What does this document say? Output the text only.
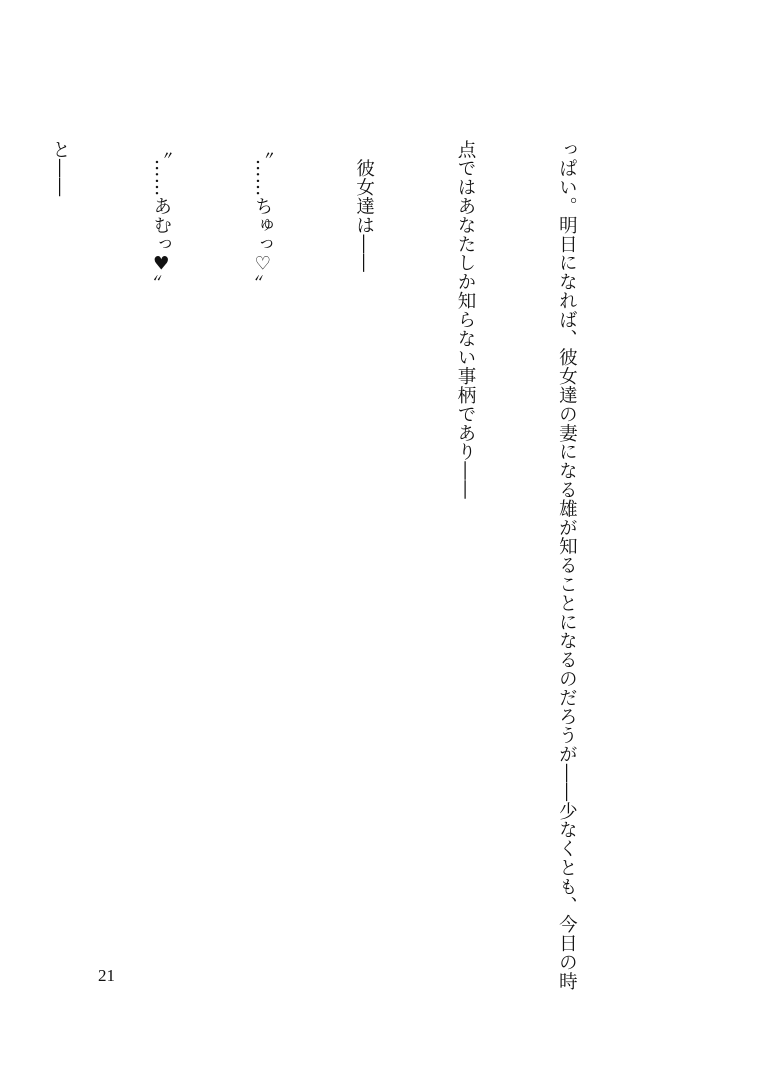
っぱい。明日になれば、彼女達の妻になる雄が知ることになるのだろうが――少なくとも、今日の時

点ではあなたしか知らない事柄であり――

　彼女達は――

〝……ちゅっ♡〟

〝……あむっ♥〟

と――

21
